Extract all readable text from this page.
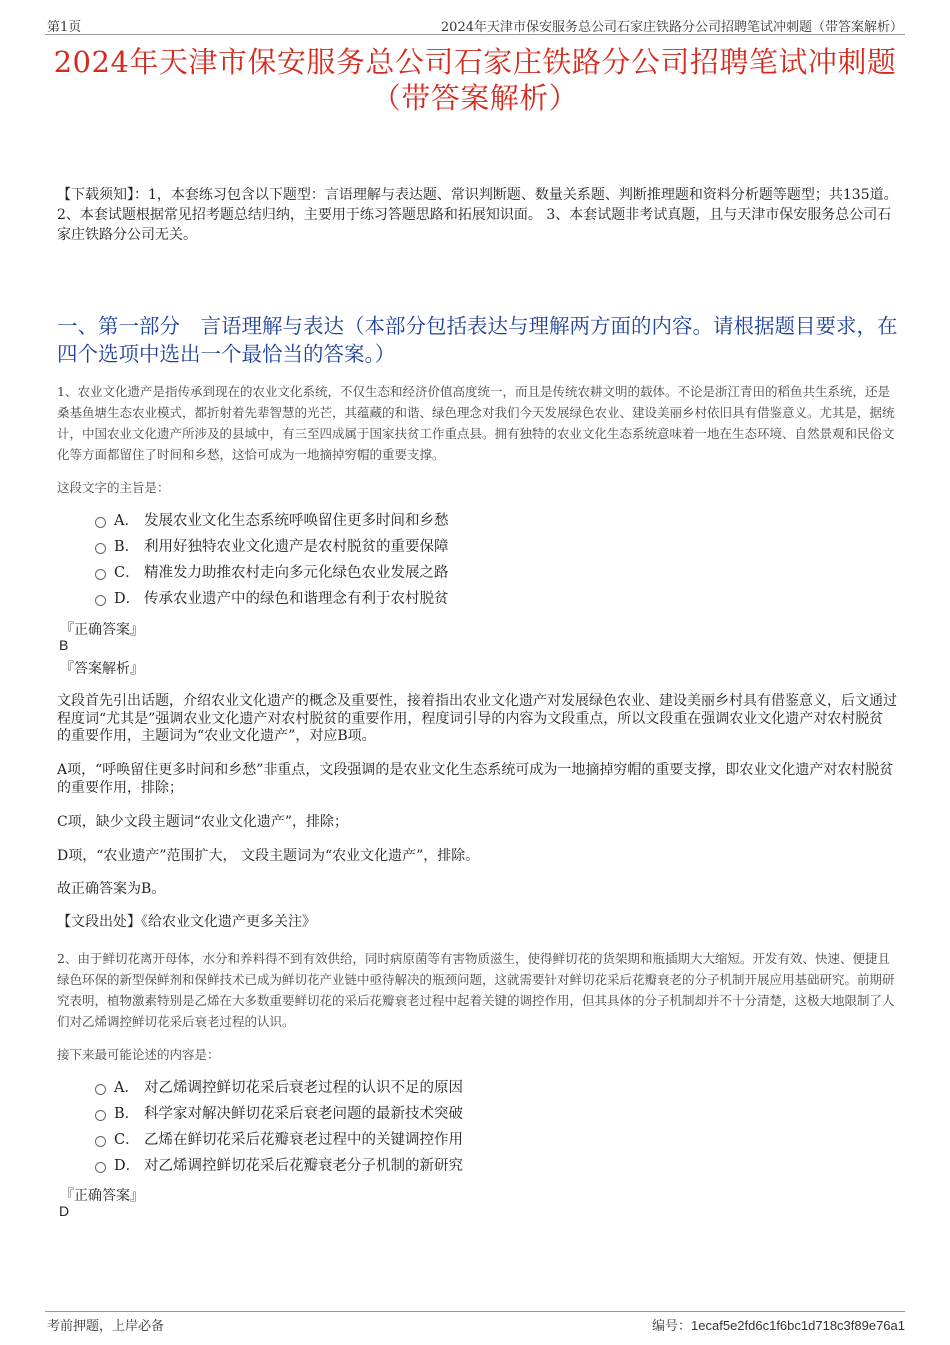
第1页	2024年天津市保安服务总公司石家庄铁路分公司招聘笔试冲刺题（带答案解析）
2024年天津市保安服务总公司石家庄铁路分公司招聘笔试冲刺题（带答案解析）
【下载须知】：1，本套练习包含以下题型：言语理解与表达题、常识判断题、数量关系题、判断推理题和资料分析题等题型；共135道。 2、本套试题根据常见招考题总结归纳，主要用于练习答题思路和拓展知识面。 3、本套试题非考试真题，且与天津市保安服务总公司石家庄铁路分公司无关。
一、第一部分　言语理解与表达（本部分包括表达与理解两方面的内容。请根据题目要求，在四个选项中选出一个最恰当的答案。）
1、农业文化遗产是指传承到现在的农业文化系统，不仅生态和经济价值高度统一，而且是传统农耕文明的载体。不论是浙江青田的稻鱼共生系统，还是桑基鱼塘生态农业模式，都折射着先辈智慧的光芒，其蕴藏的和谐、绿色理念对我们今天发展绿色农业、建设美丽乡村依旧具有借鉴意义。尤其是，据统计，中国农业文化遗产所涉及的县域中，有三至四成属于国家扶贫工作重点县。拥有独特的农业文化生态系统意味着一地在生态环境、自然景观和民俗文化等方面都留住了时间和乡愁，这恰可成为一地摘掉穷帽的重要支撑。
这段文字的主旨是：
A． 发展农业文化生态系统呼唤留住更多时间和乡愁
B． 利用好独特农业文化遗产是农村脱贫的重要保障
C． 精准发力助推农村走向多元化绿色农业发展之路
D． 传承农业遗产中的绿色和谐理念有利于农村脱贫
『正确答案』
B
『答案解析』
文段首先引出话题，介绍农业文化遗产的概念及重要性，接着指出农业文化遗产对发展绿色农业、建设美丽乡村具有借鉴意义，后文通过程度词“尤其是”强调农业文化遗产对农村脱贫的重要作用，程度词引导的内容为文段重点，所以文段重在强调农业文化遗产对农村脱贫的重要作用，主题词为“农业文化遗产”，对应B项。
A项，“呼唤留住更多时间和乡愁”非重点，文段强调的是农业文化生态系统可成为一地摘掉穷帽的重要支撑，即农业文化遗产对农村脱贫的重要作用，排除；
C项，缺少文段主题词“农业文化遗产”，排除；
D项，“农业遗产”范围扩大， 文段主题词为“农业文化遗产”，排除。
故正确答案为B。
【文段出处】《给农业文化遗产更多关注》
2、由于鲜切花离开母体，水分和养料得不到有效供给，同时病原菌等有害物质滋生，使得鲜切花的货架期和瓶插期大大缩短。开发有效、快速、便捷且绿色环保的新型保鲜剂和保鲜技术已成为鲜切花产业链中亟待解决的瓶颈问题，这就需要针对鲜切花采后花瓣衰老的分子机制开展应用基础研究。前期研究表明，植物激素特别是乙烯在大多数重要鲜切花的采后花瓣衰老过程中起着关键的调控作用，但其具体的分子机制却并不十分清楚，这极大地限制了人们对乙烯调控鲜切花采后衰老过程的认识。
接下来最可能论述的内容是：
A． 对乙烯调控鲜切花采后衰老过程的认识不足的原因
B． 科学家对解决鲜切花采后衰老问题的最新技术突破
C． 乙烯在鲜切花采后花瓣衰老过程中的关键调控作用
D． 对乙烯调控鲜切花采后花瓣衰老分子机制的新研究
『正确答案』
D
考前押题，上岸必备	编号：1ecaf5e2fd6c1f6bc1d718c3f89e76a1
